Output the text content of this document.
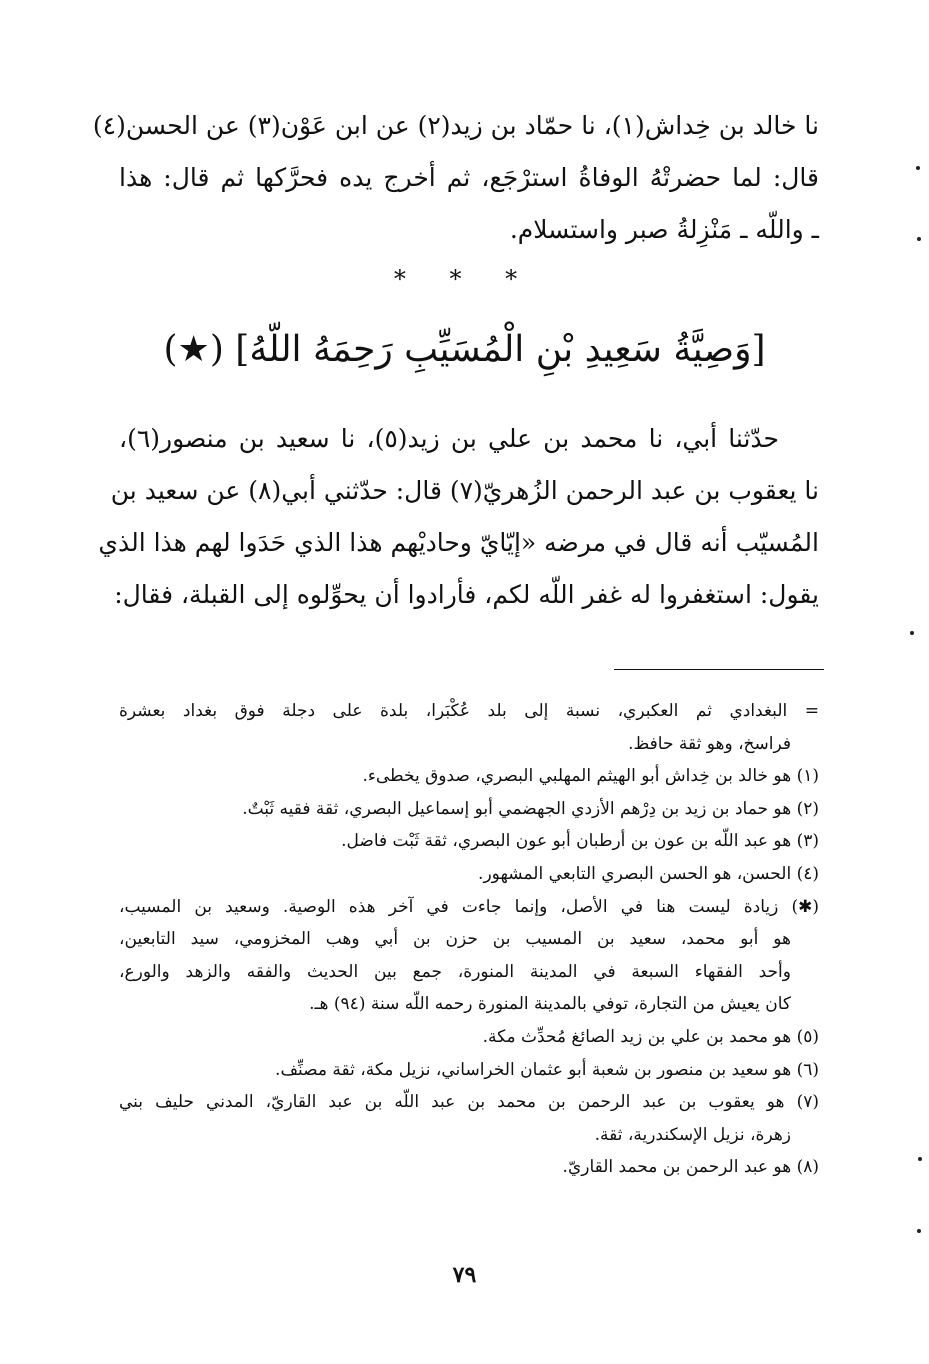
نا خالد بن خِداش(١)، نا حمّاد بن زيد(٢) عن ابن عَوْن(٣) عن الحسن(٤)
قال: لما حضرتْهُ الوفاةُ استرْجَع، ثم أخرج يده فحرَّكها ثم قال: هذا
ـ واللّه ـ مَنْزِلةُ صبر واستسلام.
* * *
[وَصِيَّةُ سَعِيدِ بْنِ الْمُسَيِّبِ رَحِمَهُ اللّهُ] (★)
حدّثنا أبي، نا محمد بن علي بن زيد(٥)، نا سعيد بن منصور(٦)،
نا يعقوب بن عبد الرحمن الزُهريّ(٧) قال: حدّثني أبي(٨) عن سعيد بن
المُسيّب أنه قال في مرضه «إيّايّ وحاديْهم هذا الذي حَدَوا لهم هذا الذي
يقول: استغفروا له غفر اللّه لكم، فأرادوا أن يحوِّلوه إلى القبلة، فقال:
= البغدادي ثم العكبري، نسبة إلى بلد عُكْبَرا، بلدة على دجلة فوق بغداد بعشرة
فراسخ، وهو ثقة حافظ.
(١) هو خالد بن خِداش أبو الهيثم المهلبي البصري، صدوق يخطىء.
(٢) هو حماد بن زيد بن دِرْهم الأزدي الجهضمي أبو إسماعيل البصري، ثقة فقيه ثَبْتٌ.
(٣) هو عبد اللّه بن عون بن أرطبان أبو عون البصري، ثقة ثَبْت فاضل.
(٤) الحسن، هو الحسن البصري التابعي المشهور.
(✱) زيادة ليست هنا في الأصل، وإنما جاءت في آخر هذه الوصية. وسعيد بن المسيب،
هو أبو محمد، سعيد بن المسيب بن حزن بن أبي وهب المخزومي، سيد التابعين،
وأحد الفقهاء السبعة في المدينة المنورة، جمع بين الحديث والفقه والزهد والورع،
كان يعيش من التجارة، توفي بالمدينة المنورة رحمه اللّه سنة (٩٤) هـ.
(٥) هو محمد بن علي بن زيد الصائغ مُحدِّث مكة.
(٦) هو سعيد بن منصور بن شعبة أبو عثمان الخراساني، نزيل مكة، ثقة مصنِّف.
(٧) هو يعقوب بن عبد الرحمن بن محمد بن عبد اللّه بن عبد القاريّ، المدني حليف بني
زهرة، نزيل الإسكندرية، ثقة.
(٨) هو عبد الرحمن بن محمد القاريّ.
٧٩
